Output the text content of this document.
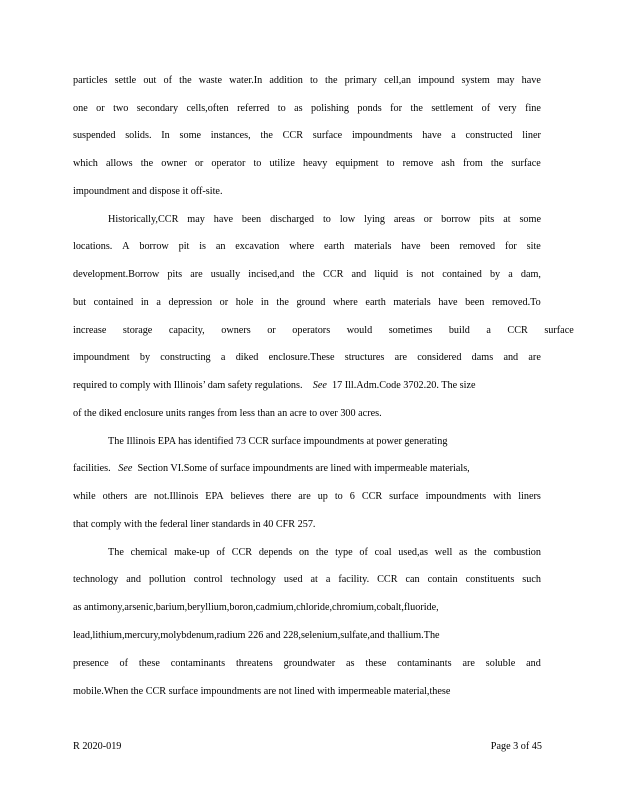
particles settle out of the waste water.In addition to the primary cell,an impound system may have
one or two secondary cells,often referred to as polishing ponds for the settlement of very fine
suspended solids. In some instances, the CCR surface impoundments have a constructed liner
which allows the owner or operator to utilize heavy equipment to remove ash from the surface
impoundment and dispose it off-site.
Historically,CCR may have been discharged to low lying areas or borrow pits at some
locations. A borrow pit is an excavation where earth materials have been removed for site
development.Borrow pits are usually incised,and the CCR and liquid is not contained by a dam,
but contained in a depression or hole in the ground where earth materials have been removed.To
increase storage capacity, owners or operators would sometimes build a CCR surface
impoundment by constructing a diked enclosure.These structures are considered dams and are
required to comply with Illinois’ dam safety regulations. See 17 Ill.Adm.Code 3702.20. The size
of the diked enclosure units ranges from less than an acre to over 300 acres.
The Illinois EPA has identified 73 CCR surface impoundments at power generating
facilities. See Section VI.Some of surface impoundments are lined with impermeable materials,
while others are not.Illinois EPA believes there are up to 6 CCR surface impoundments with liners
that comply with the federal liner standards in 40 CFR 257.
The chemical make-up of CCR depends on the type of coal used,as well as the combustion
technology and pollution control technology used at a facility. CCR can contain constituents such
as antimony,arsenic,barium,beryllium,boron,cadmium,chloride,chromium,cobalt,fluoride,
lead,lithium,mercury,molybdenum,radium 226 and 228,selenium,sulfate,and thallium.The
presence of these contaminants threatens groundwater as these contaminants are soluble and
mobile.When the CCR surface impoundments are not lined with impermeable material,these
R 2020-019	Page 3 of 45
